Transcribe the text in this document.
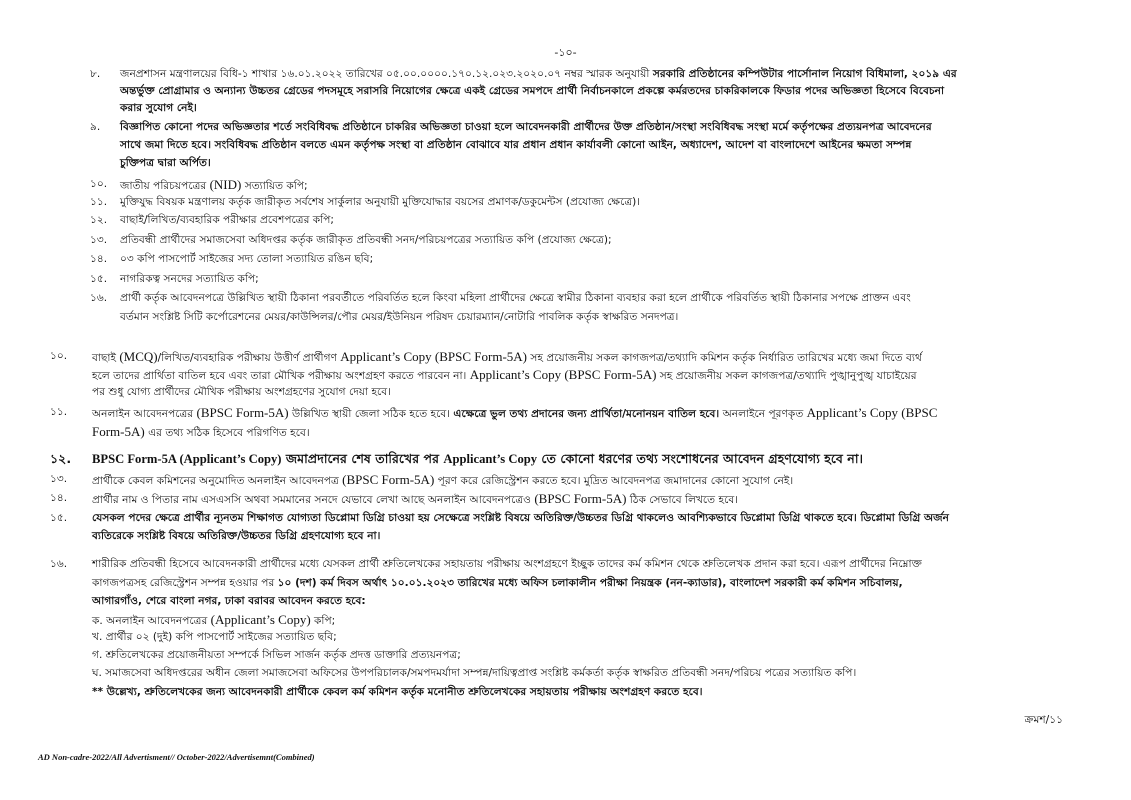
-১০-
৮. জনপ্রশাসন মন্ত্রণালয়ের বিধি-১ শাখার ১৬.০১.২০২২ তারিখের ০৫.০০.০০০০.১৭০.১২.০২৩.২০২০.০৭ নম্বর স্মারক অনুযায়ী সরকারি প্রতিষ্ঠানের কম্পিউটার পার্সোনাল নিয়োগ বিধিমালা, ২০১৯ এর
অন্তর্ভুক্ত প্রোগ্রামার ও অন্যান্য উচ্চতর গ্রেডের পদসমূহে সরাসরি নিয়োগের ক্ষেত্রে একই গ্রেডের সমপদে প্রার্থী নির্বাচনকালে প্রকল্পে কর্মরতদের চাকরিকালকে ফিডার পদের অভিজ্ঞতা হিসেবে বিবেচনা
করার সুযোগ নেই।
৯. বিজ্ঞাপিত কোনো পদের অভিজ্ঞতার শর্তে সংবিধিবদ্ধ প্রতিষ্ঠানে চাকরির অভিজ্ঞতা চাওয়া হলে আবেদনকারী প্রার্থীদের উক্ত প্রতিষ্ঠান/সংস্থা সংবিধিবদ্ধ সংস্থা মর্মে কর্তৃপক্ষের প্রত্যয়নপত্র আবেদনের
সাথে জমা দিতে হবে। সংবিধিবদ্ধ প্রতিষ্ঠান বলতে এমন কর্তৃপক্ষ সংস্থা বা প্রতিষ্ঠান বোঝাবে যার প্রধান প্রধান কার্যাবলী কোনো আইন, অধ্যাদেশ, আদেশ বা বাংলাদেশে আইনের ক্ষমতা সম্পন্ন
চুক্তিপত্র দ্বারা অর্পিত।
১০. জাতীয় পরিচয়পত্রের (NID) সত্যায়িত কপি;
১১. মুক্তিযুদ্ধ বিষয়ক মন্ত্রণালয় কর্তৃক জারীকৃত সর্বশেষ সার্কুলার অনুযায়ী মুক্তিযোদ্ধার বয়সের প্রমাণক/ডকুমেন্টস (প্রযোজ্য ক্ষেত্রে)।
১২. বাছাই/লিখিত/ব্যবহারিক পরীক্ষার প্রবেশপত্রের কপি;
১৩. প্রতিবন্ধী প্রার্থীদের সমাজসেবা অধিদপ্তর কর্তৃক জারীকৃত প্রতিবন্ধী সনদ/পরিচয়পত্রের সত্যায়িত কপি (প্রযোজ্য ক্ষেত্রে);
১৪. ০৩ কপি পাসপোর্ট সাইজের সদ্য তোলা সত্যায়িত রঙিন ছবি;
১৫. নাগরিকত্ব সনদের সত্যায়িত কপি;
১৬. প্রার্থী কর্তৃক আবেদনপত্রে উল্লিখিত স্থায়ী ঠিকানা পরবর্তীতে পরিবর্তিত হলে কিংবা মহিলা প্রার্থীদের ক্ষেত্রে স্বামীর ঠিকানা ব্যবহার করা হলে প্রার্থীকে পরিবর্তিত স্থায়ী ঠিকানার সপক্ষে প্রাক্তন এবং
বর্তমান সংশ্লিষ্ট সিটি কর্পোরেশনের মেয়র/কাউন্সিলর/পৌর মেয়র/ইউনিয়ন পরিষদ চেয়ারম্যান/নোটারি পাবলিক কর্তৃক স্বাক্ষরিত সনদপত্র।
১০. বাছাই (MCQ)/লিখিত/ব্যবহারিক পরীক্ষায় উত্তীর্ণ প্রার্থীগণ Applicant’s Copy (BPSC Form-5A) সহ প্রয়োজনীয় সকল কাগজপত্র/তথ্যাদি কমিশন কর্তৃক নির্ধারিত তারিখের মধ্যে জমা দিতে ব্যর্থ
হলে তাদের প্রার্থিতা বাতিল হবে এবং তারা মৌখিক পরীক্ষায় অংশগ্রহণ করতে পারবেন না। Applicant’s Copy (BPSC Form-5A) সহ প্রয়োজনীয় সকল কাগজপত্র/তথ্যাদি পুঙ্খানুপুঙ্খ যাচাইয়ের
পর শুধু যোগ্য প্রার্থীদের মৌখিক পরীক্ষায় অংশগ্রহণের সুযোগ দেয়া হবে।
১১. অনলাইন আবেদনপত্রের (BPSC Form-5A) উল্লিখিত স্থায়ী জেলা সঠিক হতে হবে। এক্ষেত্রে ভুল তথ্য প্রদানের জন্য প্রার্থিতা/মনোনয়ন বাতিল হবে। অনলাইনে পূরণকৃত Applicant’s Copy (BPSC
Form-5A) এর তথ্য সঠিক হিসেবে পরিগণিত হবে।
১২. BPSC Form-5A (Applicant’s Copy) জমাপ্রদানের শেষ তারিখের পর Applicant’s Copy তে কোনো ধরণের তথ্য সংশোধনের আবেদন গ্রহণযোগ্য হবে না।
১৩. প্রার্থীকে কেবল কমিশনের অনুমোদিত অনলাইন আবেদনপত্র (BPSC Form-5A) পূরণ করে রেজিস্ট্রেশন করতে হবে। মুদ্রিত আবেদনপত্র জমাদানের কোনো সুযোগ নেই।
১৪. প্রার্থীর নাম ও পিতার নাম এসএসসি অথবা সমমানের সনদে যেভাবে লেখা আছে অনলাইন আবেদনপত্রেও (BPSC Form-5A) ঠিক সেভাবে লিখতে হবে।
১৫. যেসকল পদের ক্ষেত্রে প্রার্থীর ন্যূনতম শিক্ষাগত যোগ্যতা ডিপ্লোমা ডিগ্রি চাওয়া হয় সেক্ষেত্রে সংশ্লিষ্ট বিষয়ে অতিরিক্ত/উচ্চতর ডিগ্রি থাকলেও আবশ্যিকভাবে ডিপ্লোমা ডিগ্রি থাকতে হবে। ডিপ্লোমা ডিগ্রি অর্জন
ব্যতিরেকে সংশ্লিষ্ট বিষয়ে অতিরিক্ত/উচ্চতর ডিগ্রি গ্রহণযোগ্য হবে না।
১৬. শারীরিক প্রতিবন্ধী হিসেবে আবেদনকারী প্রার্থীদের মধ্যে যেসকল প্রার্থী শ্রুতিলেখকের সহায়তায় পরীক্ষায় অংশগ্রহণে ইচ্ছুক তাদের কর্ম কমিশন থেকে শ্রুতিলেখক প্রদান করা হবে। এরূপ প্রার্থীদের নিম্নোক্ত
কাগজপত্রসহ রেজিস্ট্রেশন সম্পন্ন হওয়ার পর ১০ (দশ) কর্ম দিবস অর্থাৎ ১০.০১.২০২৩ তারিখের মধ্যে অফিস চলাকালীন পরীক্ষা নিয়ন্ত্রক (নন-ক্যাডার), বাংলাদেশ সরকারী কর্ম কমিশন সচিবালয়,
আগারগাঁও, শেরে বাংলা নগর, ঢাকা বরাবর আবেদন করতে হবে:
ক. অনলাইন আবেদনপত্রের (Applicant’s Copy) কপি;
খ. প্রার্থীর ০২ (দুই) কপি পাসপোর্ট সাইজের সত্যায়িত ছবি;
গ. শ্রুতিলেখকের প্রয়োজনীয়তা সম্পর্কে সিভিল সার্জন কর্তৃক প্রদত্ত ডাক্তারি প্রত্যয়নপত্র;
ঘ. সমাজসেবা অধিদপ্তরের অধীন জেলা সমাজসেবা অফিসের উপপরিচালক/সমপদমর্যাদা সম্পন্ন/দায়িত্বপ্রাপ্ত সংশ্লিষ্ট কর্মকর্তা কর্তৃক স্বাক্ষরিত প্রতিবন্ধী সনদ/পরিচয় পত্রের সত্যায়িত কপি।
** উল্লেখ্য, শ্রুতিলেখকের জন্য আবেদনকারী প্রার্থীকে কেবল কর্ম কমিশন কর্তৃক মনোনীত শ্রুতিলেখকের সহায়তায় পরীক্ষায় অংশগ্রহণ করতে হবে।
ক্রমশ/১১
AD Non-cadre-2022/All Advertisment// October-2022/Advertisemnt(Combined)
